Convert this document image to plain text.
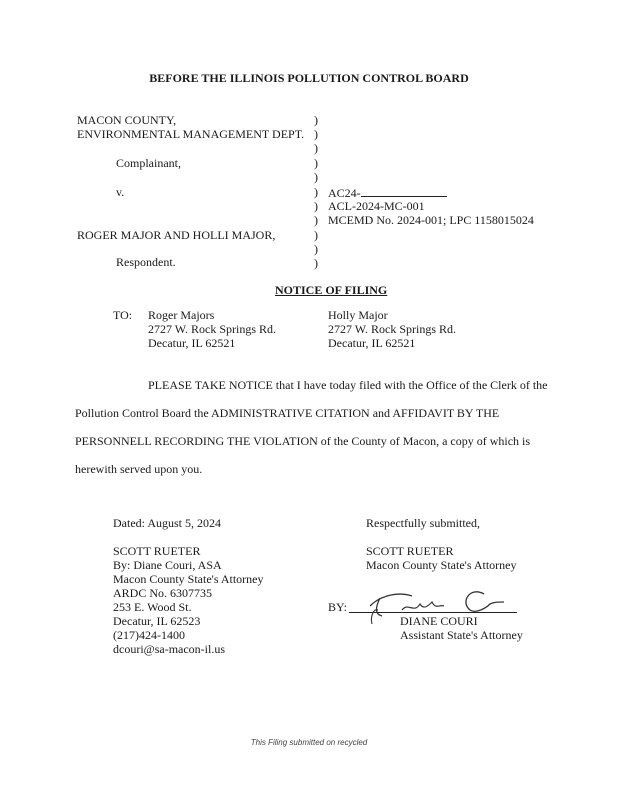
BEFORE THE ILLINOIS POLLUTION CONTROL BOARD
MACON COUNTY,
ENVIRONMENTAL MANAGEMENT DEPT.
Complainant,
v.
ROGER MAJOR AND HOLLI MAJOR,
Respondent.
)
)
)
)
)
)
)
)
)
)
)
AC24-
ACL-2024-MC-001
MCEMD No. 2024-001; LPC 1158015024
NOTICE OF FILING
TO: Roger Majors
2727 W. Rock Springs Rd.
Decatur, IL 62521
Holly Major
2727 W. Rock Springs Rd.
Decatur, IL 62521
PLEASE TAKE NOTICE that I have today filed with the Office of the Clerk of the
Pollution Control Board the ADMINISTRATIVE CITATION and AFFIDAVIT BY THE
PERSONNELL RECORDING THE VIOLATION of the County of Macon, a copy of which is
herewith served upon you.
Dated: August 5, 2024	Respectfully submitted,
SCOTT RUETER
By: Diane Couri, ASA
Macon County State's Attorney
ARDC No. 6307735
253 E. Wood St.
Decatur, IL 62523
(217)424-1400
dcouri@sa-macon-il.us
SCOTT RUETER
Macon County State's Attorney
BY:
DIANE COURI
Assistant State's Attorney
This Filing submitted on recycled
